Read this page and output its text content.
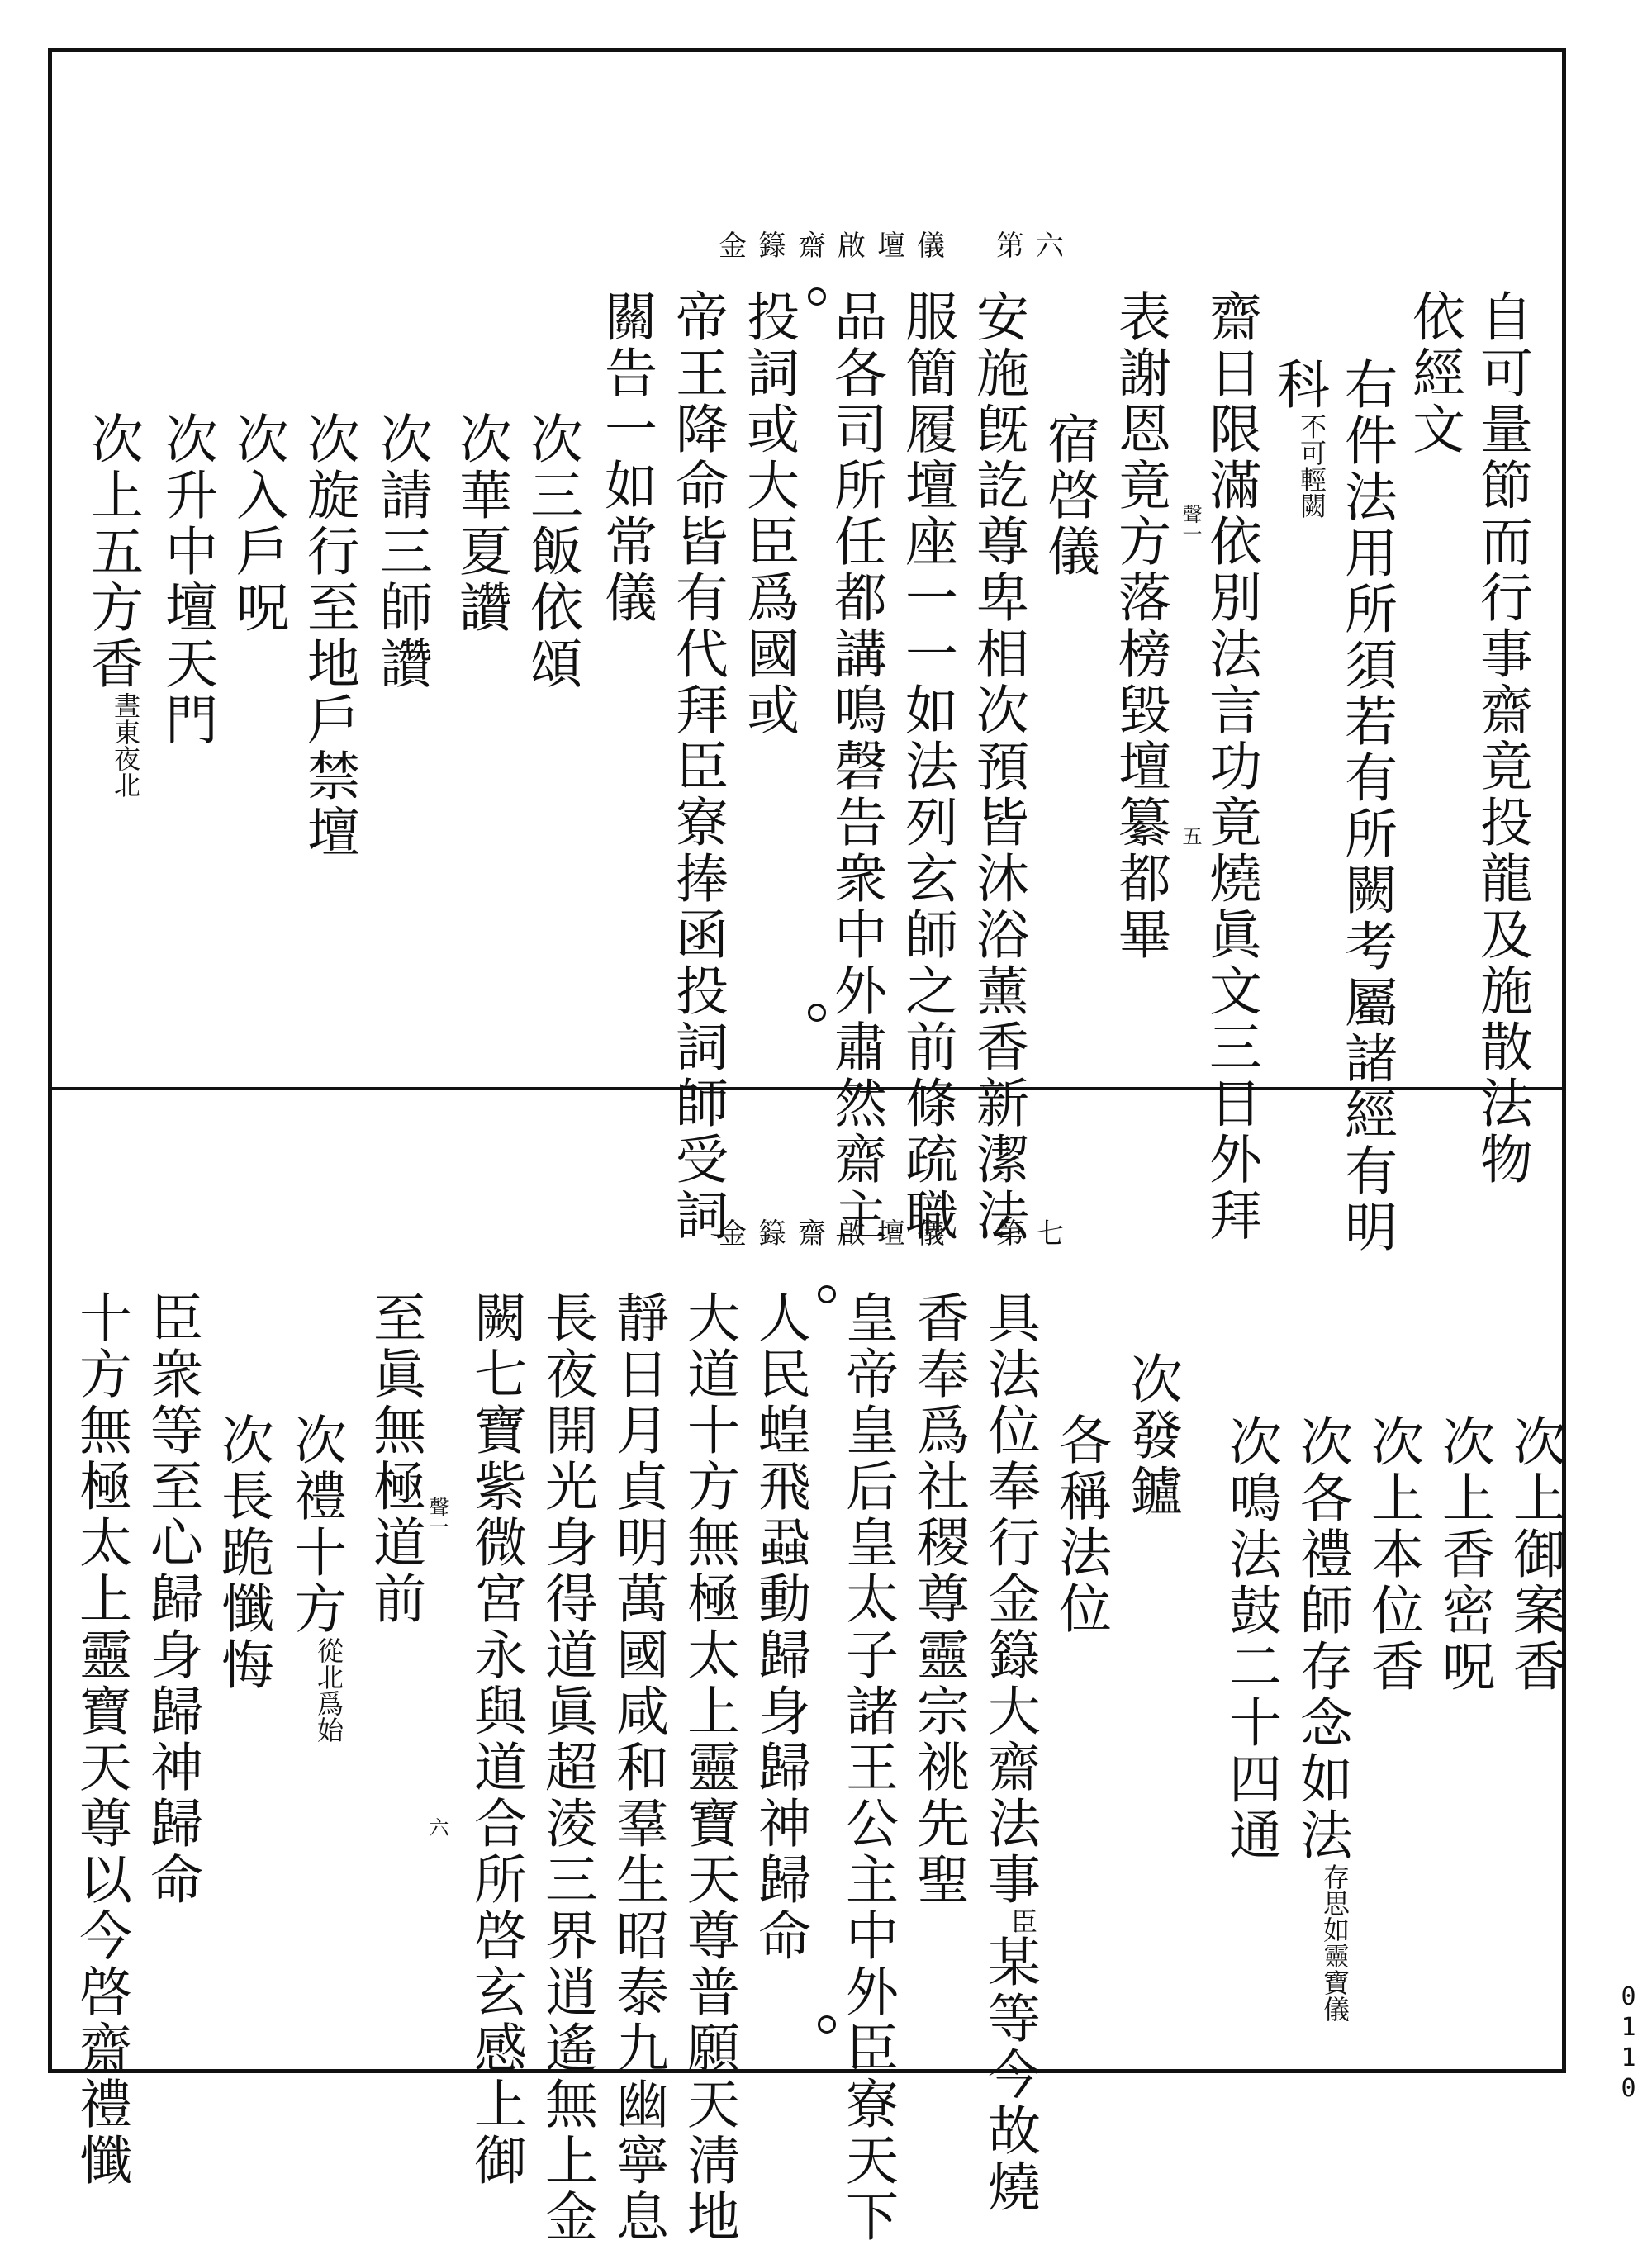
金籙齋啟壇儀　第六

自可量節而行事齋竟投龍及施散法物

依經文

右件法用所須若有所闕考屬諸經有明

科不可輕闕

齋日限滿依別法言功竟燒眞文三日外拜

表謝恩竟方落榜毀壇纂都畢

宿啓儀

安施旣訖尊卑相次預皆沐浴薰香新潔法

服簡履壇座一一如法列玄師之前條疏職

品各司所任都講鳴磬告衆中外肅然齋主

投詞或大臣爲國或

帝王降命皆有代拜臣寮捧函投詞師受詞

關告一如常儀

次三飯依頌

次華夏讚

次請三師讚

次旋行至地戶禁壇

次入戶呪

次升中壇天門

次上五方香晝東夜北

五

聲一

金籙齋啟壇儀　第七

次上御案香

次上香密呪

次上本位香

次各禮師存念如法存思如靈寶儀

次鳴法鼓二十四通

次發鑪

各稱法位

具法位奉行金籙大齋法事臣某等今故燒

香奉爲社稷尊靈宗祧先聖

皇帝皇后皇太子諸王公主中外臣寮天下

人民蝗飛蝨動歸身歸神歸命

大道十方無極太上靈寶天尊普願天淸地

靜日月貞明萬國咸和羣生昭泰九幽寧息

長夜開光身得道眞超淩三界逍遙無上金

闕七寶紫微宮永與道合所啓玄感上御

至眞無極道前

次禮十方從北爲始

次長跪懺悔

臣衆等至心歸身歸神歸命

十方無極太上靈寶天尊以今啓齋禮懺	六

聲一

0110
